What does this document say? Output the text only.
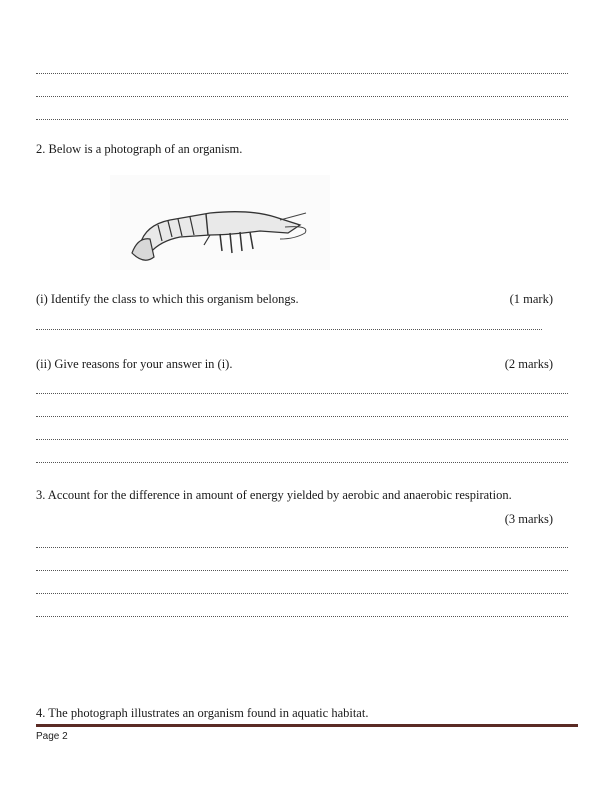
2. Below is a photograph of an organism.
(i) Identify the class to which this organism belongs.	(1 mark)
(ii) Give reasons for your answer in (i).	(2 marks)
3. Account for the difference in amount of energy yielded by aerobic and anaerobic respiration.
(3 marks)
4. The photograph illustrates an organism found in aquatic habitat.
Page 2
